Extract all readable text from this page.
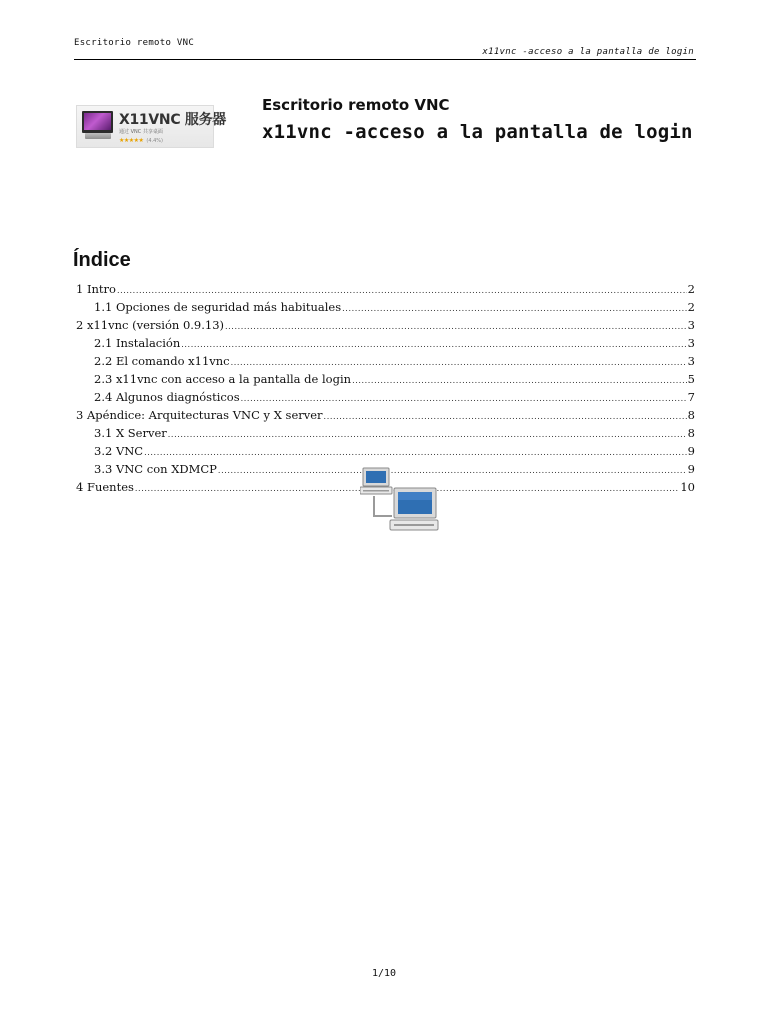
Escritorio remoto VNC
x11vnc -acceso a la pantalla de login
X11VNC 服务器
通过 VNC 共享桌面
★★★★★ (4.4%)
Escritorio remoto VNC
x11vnc -acceso a la pantalla de login
Índice
1 Intro .....	2
1.1 Opciones de seguridad más habituales .....	2
2 x11vnc (versión 0.9.13) .....	3
2.1 Instalación .....	3
2.2 El comando x11vnc .....	3
2.3 x11vnc con acceso a la pantalla de login .....	5
2.4 Algunos diagnósticos .....	7
3 Apéndice: Arquitecturas VNC y X server .....	8
3.1 X Server .....	8
3.2 VNC .....	9
3.3 VNC con XDMCP .....	9
4 Fuentes .....	10
1/10
